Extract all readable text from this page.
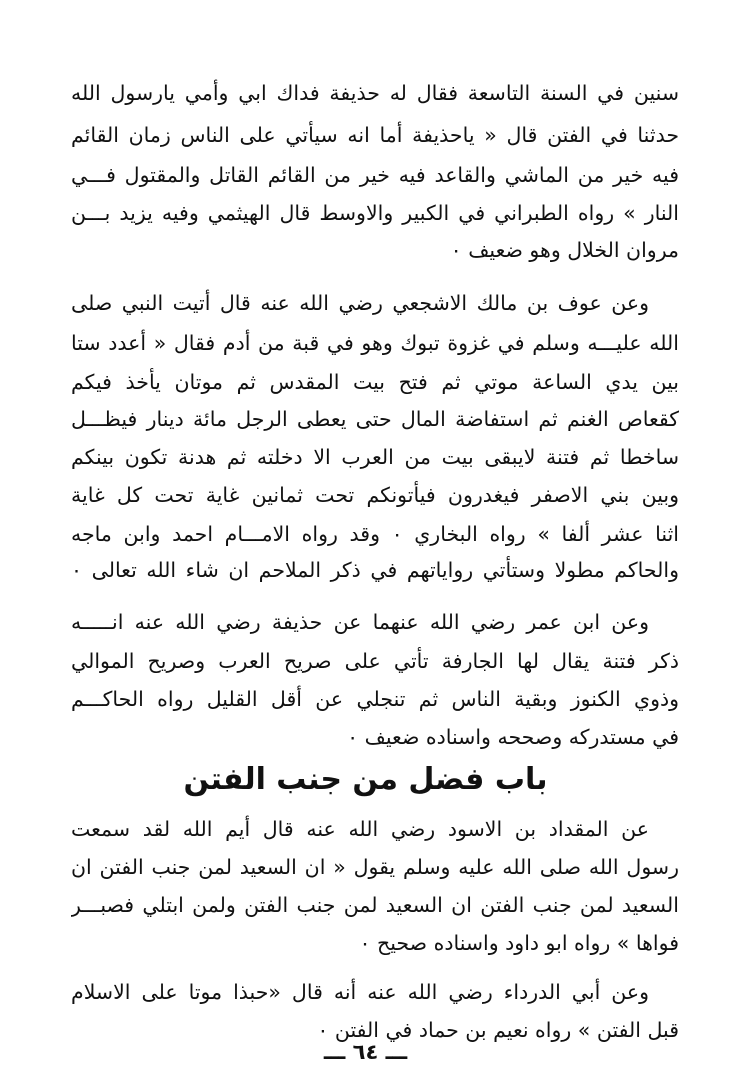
سنين في السنة التاسعة فقال له حذيفة فداك ابي وأمي يارسول الله
حدثنا في الفتن قال « ياحذيفة أما انه سيأتي على الناس زمان القائم
فيه خير من الماشي والقاعد فيه خير من القائم القاتل والمقتول فـــي
النار » رواه الطبراني في الكبير والاوسط قال الهيثمي وفيه يزيد بـــن
مروان الخلال وهو ضعيف ٠
وعن عوف بن مالك الاشجعي رضي الله عنه قال أتيت النبي صلى
الله عليـــه وسلم في غزوة تبوك وهو في قبة من أدم فقال « أعدد ستا
بين يدي الساعة موتي ثم فتح بيت المقدس ثم موتان يأخذ فيكم
كقعاص الغنم ثم استفاضة المال حتى يعطى الرجل مائة دينار فيظـــل
ساخطا ثم فتنة لايبقى بيت من العرب الا دخلته ثم هدنة تكون بينكم
وبين بني الاصفر فيغدرون فيأتونكم تحت ثمانين غاية تحت كل غاية
اثنا عشر ألفا » رواه البخاري ٠ وقد رواه الامـــام احمد وابن ماجه
والحاكم مطولا وستأتي رواياتهم في ذكر الملاحم ان شاء الله تعالى ٠
وعن ابن عمر رضي الله عنهما عن حذيفة رضي الله عنه انـــــه
ذكر فتنة يقال لها الجارفة تأتي على صريح العرب وصريح الموالي
وذوي الكنوز وبقية الناس ثم تنجلي عن أقل القليل رواه الحاكـــم
في مستدركه وصححه واسناده ضعيف ٠
باب فضل من جنب الفتن
عن المقداد بن الاسود رضي الله عنه قال أيم الله لقد سمعت
رسول الله صلى الله عليه وسلم يقول « ان السعيد لمن جنب الفتن ان
السعيد لمن جنب الفتن ان السعيد لمن جنب الفتن ولمن ابتلي فصبـــر
فواها » رواه ابو داود واسناده صحيح ٠
وعن أبي الدرداء رضي الله عنه أنه قال «حبذا موتا على الاسلام
قبل الفتن » رواه نعيم بن حماد في الفتن ٠
ـــ ٦٤ ـــ
